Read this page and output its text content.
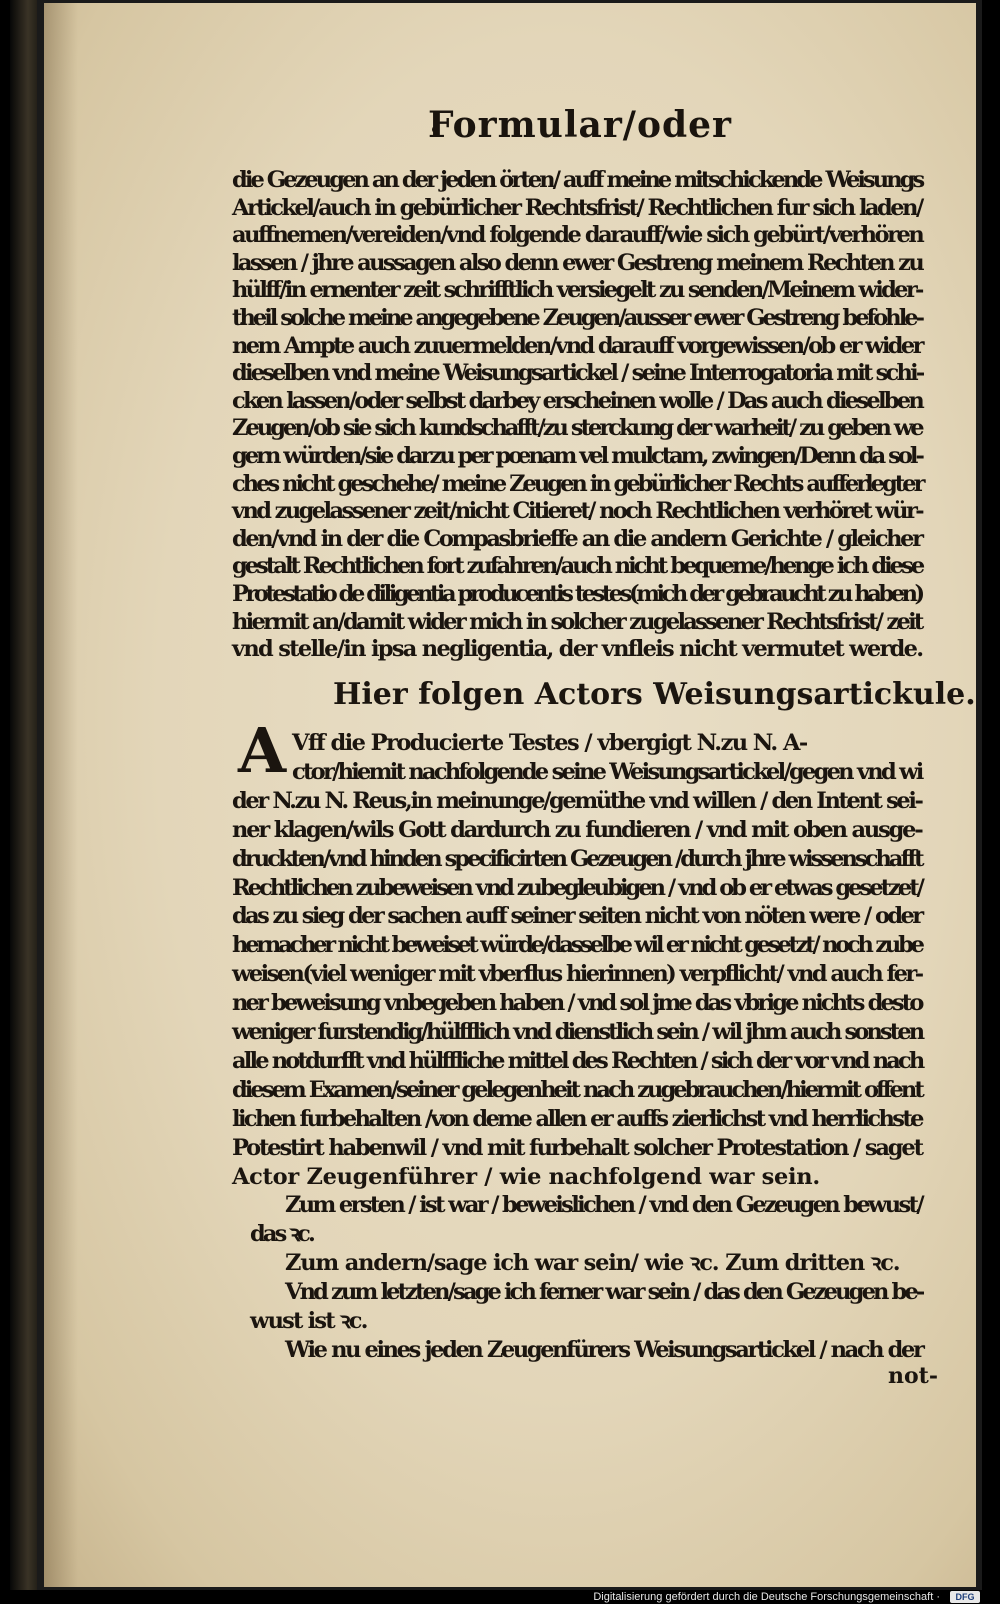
Formular/oder
die Gezeugen an der jeden örten/ auff meine mitschickende Weisungs
Artickel/auch in gebürlicher Rechtsfrist/ Rechtlichen fur sich laden/
auffnemen/vereiden/vnd folgende darauff/wie sich gebürt/verhören
lassen / jhre aussagen also denn ewer Gestreng meinem Rechten zu
hülff/in ernenter zeit schrifftlich versiegelt zu senden/Meinem wider-
theil solche meine angegebene Zeugen/ausser ewer Gestreng befohle-
nem Ampte auch zuuermelden/vnd darauff vorgewissen/ob er wider
dieselben vnd meine Weisungsartickel / seine Interrogatoria mit schi-
cken lassen/oder selbst darbey erscheinen wolle / Das auch dieselben
Zeugen/ob sie sich kundschafft/zu sterckung der warheit/ zu geben we
gern würden/sie darzu per pœnam vel mulctam, zwingen/Denn da sol-
ches nicht geschehe/ meine Zeugen in gebürlicher Rechts aufferlegter
vnd zugelassener zeit/nicht Citieret/ noch Rechtlichen verhöret wür-
den/vnd in der die Compasbrieffe an die andern Gerichte / gleicher
gestalt Rechtlichen fort zufahren/auch nicht bequeme/henge ich diese
Protestatio de diligentia producentis testes(mich der gebraucht zu haben)
hiermit an/damit wider mich in solcher zugelassener Rechtsfrist/ zeit
vnd stelle/in ipsa negligentia, der vnfleis nicht vermutet werde.
Hier folgen Actors Weisungsartickule.
A Vff die Producierte Testes / vbergigt N.zu N. A-
ctor/hiemit nachfolgende seine Weisungsartickel/gegen vnd wi
der N.zu N. Reus,in meinunge/gemüthe vnd willen / den Intent sei-
ner klagen/wils Gott dardurch zu fundieren / vnd mit oben ausge-
druckten/vnd hinden specificirten Gezeugen /durch jhre wissenschafft
Rechtlichen zubeweisen vnd zubegleubigen / vnd ob er etwas gesetzet/
das zu sieg der sachen auff seiner seiten nicht von nöten were / oder
hernacher nicht beweiset würde/dasselbe wil er nicht gesetzt/ noch zube
weisen(viel weniger mit vberflus hierinnen) verpflicht/ vnd auch fer-
ner beweisung vnbegeben haben / vnd sol jme das vbrige nichts desto
weniger furstendig/hülfflich vnd dienstlich sein / wil jhm auch sonsten
alle notdurfft vnd hülffliche mittel des Rechten / sich der vor vnd nach
diesem Examen/seiner gelegenheit nach zugebrauchen/hiermit offent
lichen furbehalten /von deme allen er auffs zierlichst vnd herrlichste
Potestirt habenwil / vnd mit furbehalt solcher Protestation / saget
Actor Zeugenführer / wie nachfolgend war sein.
Zum ersten / ist war / beweislichen / vnd den Gezeugen bewust/
das ꝛc.
Zum andern/sage ich war sein/ wie ꝛc. Zum dritten ꝛc.
Vnd zum letzten/sage ich ferner war sein / das den Gezeugen be-
wust ist ꝛc.
Wie nu eines jeden Zeugenfürers Weisungsartickel / nach der
not-
Digitalisierung gefördert durch die Deutsche Forschungsgemeinschaft ·	DFG
